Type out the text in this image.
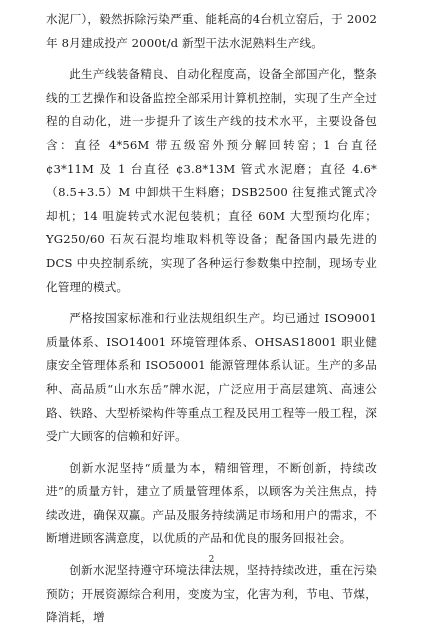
水泥厂），毅然拆除污染严重、能耗高的4台机立窑后，于 2002 年 8月建成投产 2000t/d 新型干法水泥熟料生产线。

此生产线装备精良、自动化程度高，设备全部国产化，整条线的工艺操作和设备监控全部采用计算机控制，实现了生产全过程的自动化，进一步提升了该生产线的技术水平，主要设备包含：直径 4*56M 带五级窑外预分解回转窑；1 台直径 ¢3*11M 及 1 台直径 ¢3.8*13M 管式水泥磨；直径 4.6*（8.5+3.5）M 中卸烘干生料磨；DSB2500 往复推式篦式冷却机；14 咀旋转式水泥包装机；直径 60M 大型预均化库；YG250/60 石灰石混均堆取料机等设备；配备国内最先进的 DCS 中央控制系统，实现了各种运行参数集中控制，现场专业化管理的模式。

严格按国家标准和行业法规组织生产。均已通过 ISO9001 质量体系、ISO14001 环境管理体系、OHSAS18001 职业健康安全管理体系和 ISO50001 能源管理体系认证。生产的多品种、高品质“山水东岳”牌水泥，广泛应用于高层建筑、高速公路、铁路、大型桥梁构件等重点工程及民用工程等一般工程，深受广大顾客的信赖和好评。

创新水泥坚持“质量为本，精细管理，不断创新，持续改进”的质量方针，建立了质量管理体系，以顾客为关注焦点，持续改进，确保双赢。产品及服务持续满足市场和用户的需求，不断增进顾客满意度，以优质的产品和优良的服务回报社会。

创新水泥坚持遵守环境法律法规，坚持持续改进，重在污染预防；开展资源综合利用，变废为宝，化害为利，节电、节煤，降消耗，增

2
